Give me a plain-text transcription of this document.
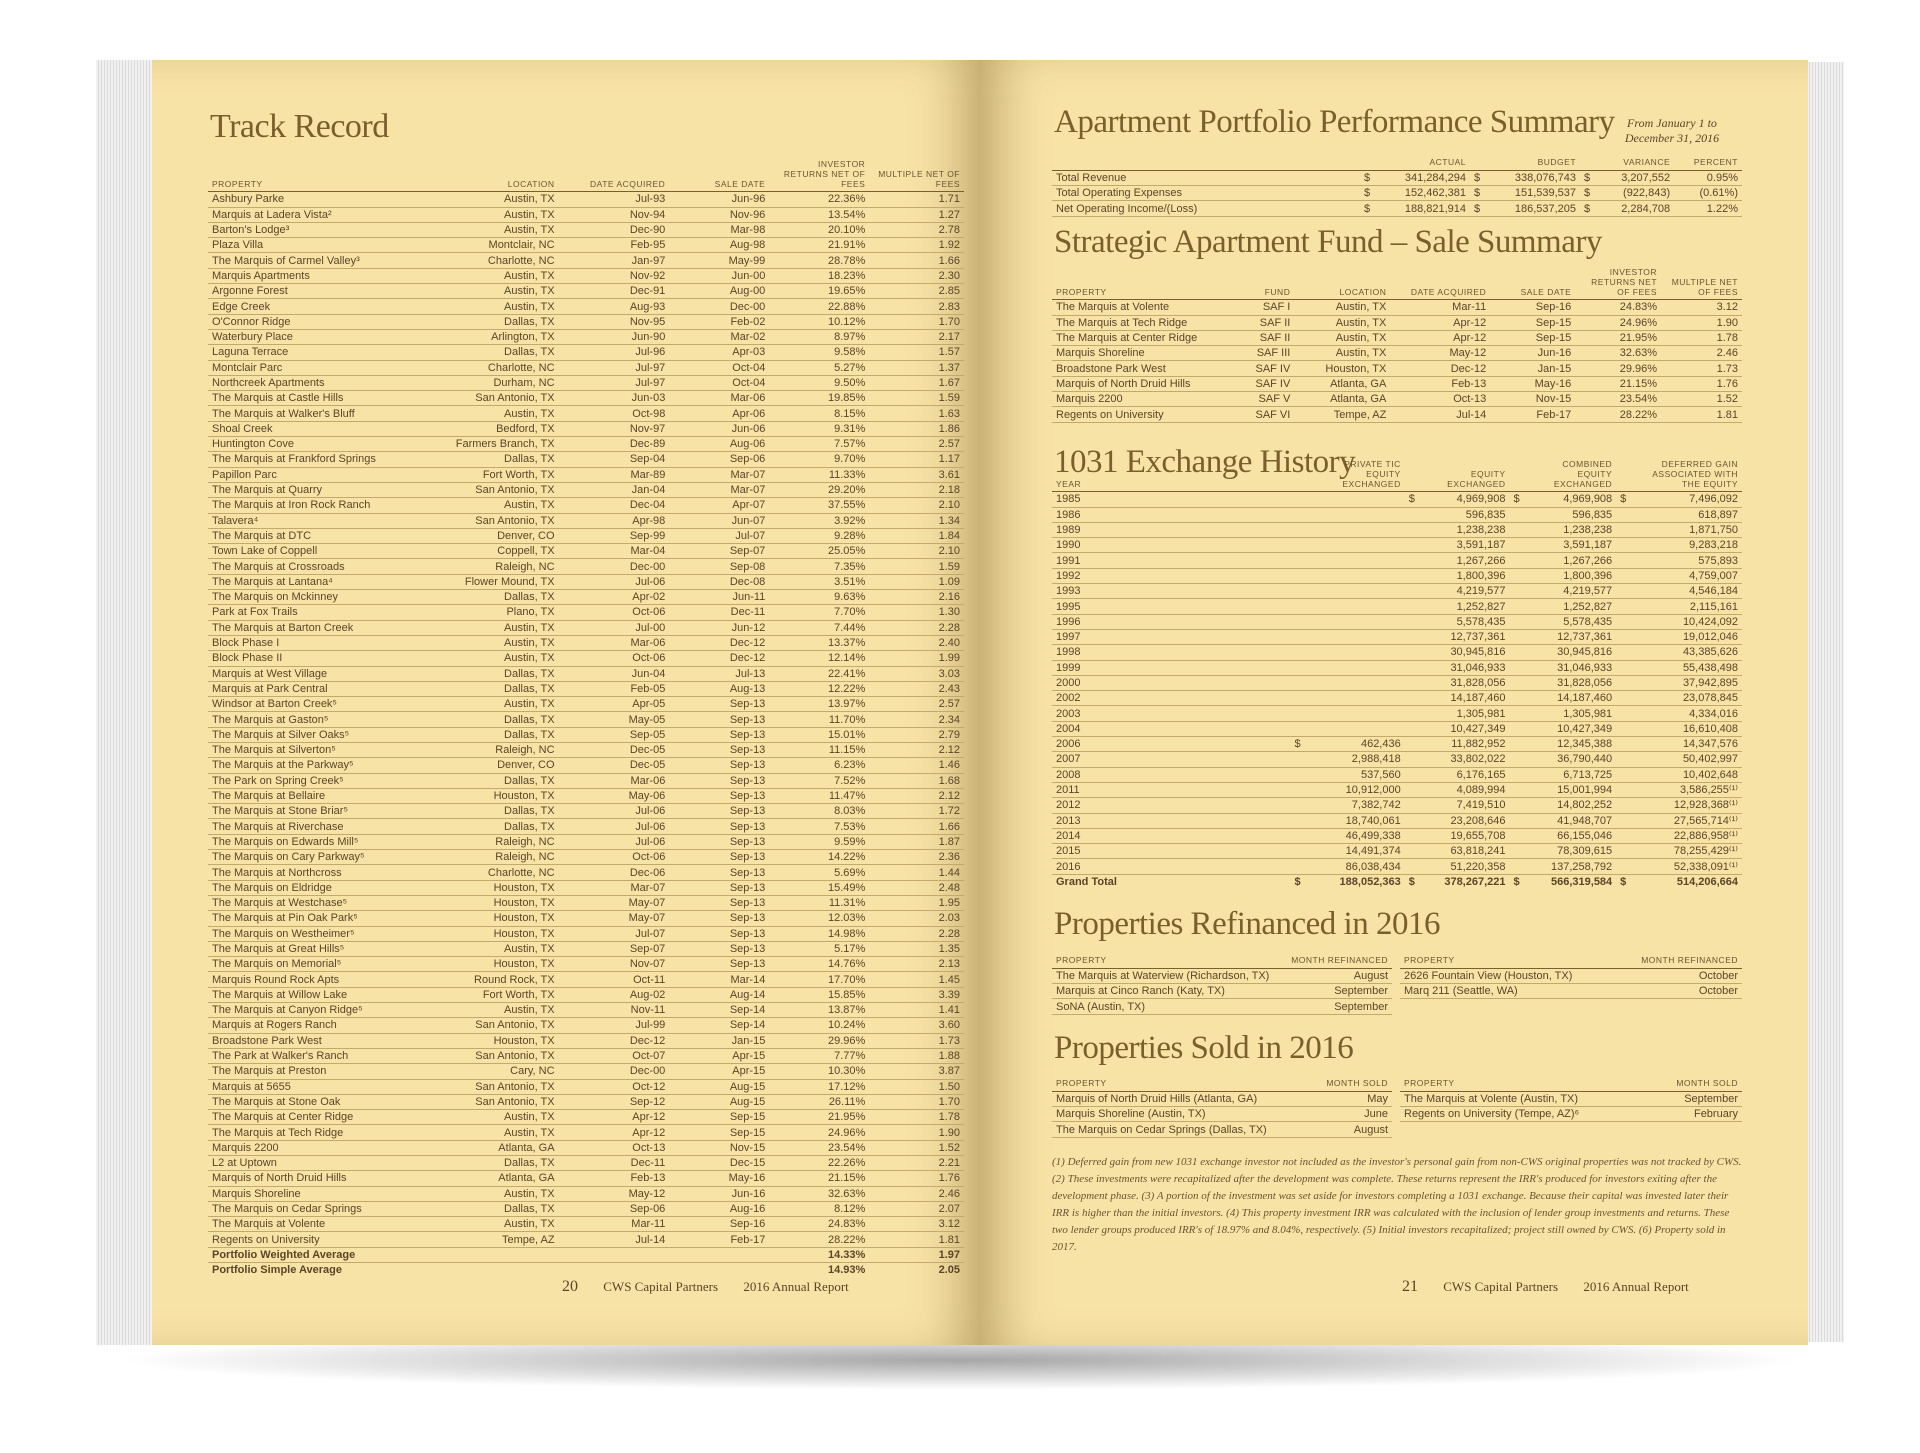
Track Record
PROPERTY	LOCATION	DATE ACQUIRED	SALE DATE	INVESTOR RETURNS NET OF FEES	MULTIPLE NET OF FEES
Ashbury Parke	Austin, TX	Jul-93	Jun-96	22.36%	1.71
Marquis at Ladera Vista²	Austin, TX	Nov-94	Nov-96	13.54%	1.27
Barton's Lodge³	Austin, TX	Dec-90	Mar-98	20.10%	2.78
Plaza Villa	Montclair, NC	Feb-95	Aug-98	21.91%	1.92
The Marquis of Carmel Valley³	Charlotte, NC	Jan-97	May-99	28.78%	1.66
Marquis Apartments	Austin, TX	Nov-92	Jun-00	18.23%	2.30
Argonne Forest	Austin, TX	Dec-91	Aug-00	19.65%	2.85
Edge Creek	Austin, TX	Aug-93	Dec-00	22.88%	2.83
O'Connor Ridge	Dallas, TX	Nov-95	Feb-02	10.12%	1.70
Waterbury Place	Arlington, TX	Jun-90	Mar-02	8.97%	2.17
Laguna Terrace	Dallas, TX	Jul-96	Apr-03	9.58%	1.57
Montclair Parc	Charlotte, NC	Jul-97	Oct-04	5.27%	1.37
Northcreek Apartments	Durham, NC	Jul-97	Oct-04	9.50%	1.67
The Marquis at Castle Hills	San Antonio, TX	Jun-03	Mar-06	19.85%	1.59
The Marquis at Walker's Bluff	Austin, TX	Oct-98	Apr-06	8.15%	1.63
Shoal Creek	Bedford, TX	Nov-97	Jun-06	9.31%	1.86
Huntington Cove	Farmers Branch, TX	Dec-89	Aug-06	7.57%	2.57
The Marquis at Frankford Springs	Dallas, TX	Sep-04	Sep-06	9.70%	1.17
Papillon Parc	Fort Worth, TX	Mar-89	Mar-07	11.33%	3.61
The Marquis at Quarry	San Antonio, TX	Jan-04	Mar-07	29.20%	2.18
The Marquis at Iron Rock Ranch	Austin, TX	Dec-04	Apr-07	37.55%	2.10
Talavera⁴	San Antonio, TX	Apr-98	Jun-07	3.92%	1.34
The Marquis at DTC	Denver, CO	Sep-99	Jul-07	9.28%	1.84
Town Lake of Coppell	Coppell, TX	Mar-04	Sep-07	25.05%	2.10
The Marquis at Crossroads	Raleigh, NC	Dec-00	Sep-08	7.35%	1.59
The Marquis at Lantana⁴	Flower Mound, TX	Jul-06	Dec-08	3.51%	1.09
The Marquis on Mckinney	Dallas, TX	Apr-02	Jun-11	9.63%	2.16
Park at Fox Trails	Plano, TX	Oct-06	Dec-11	7.70%	1.30
The Marquis at Barton Creek	Austin, TX	Jul-00	Jun-12	7.44%	2.28
Block Phase I	Austin, TX	Mar-06	Dec-12	13.37%	2.40
Block Phase II	Austin, TX	Oct-06	Dec-12	12.14%	1.99
Marquis at West Village	Dallas, TX	Jun-04	Jul-13	22.41%	3.03
Marquis at Park Central	Dallas, TX	Feb-05	Aug-13	12.22%	2.43
Windsor at Barton Creek⁵	Austin, TX	Apr-05	Sep-13	13.97%	2.57
The Marquis at Gaston⁵	Dallas, TX	May-05	Sep-13	11.70%	2.34
The Marquis at Silver Oaks⁵	Dallas, TX	Sep-05	Sep-13	15.01%	2.79
The Marquis at Silverton⁵	Raleigh, NC	Dec-05	Sep-13	11.15%	2.12
The Marquis at the Parkway⁵	Denver, CO	Dec-05	Sep-13	6.23%	1.46
The Park on Spring Creek⁵	Dallas, TX	Mar-06	Sep-13	7.52%	1.68
The Marquis at Bellaire	Houston, TX	May-06	Sep-13	11.47%	2.12
The Marquis at Stone Briar⁵	Dallas, TX	Jul-06	Sep-13	8.03%	1.72
The Marquis at Riverchase	Dallas, TX	Jul-06	Sep-13	7.53%	1.66
The Marquis on Edwards Mill⁵	Raleigh, NC	Jul-06	Sep-13	9.59%	1.87
The Marquis on Cary Parkway⁵	Raleigh, NC	Oct-06	Sep-13	14.22%	2.36
The Marquis at Northcross	Charlotte, NC	Dec-06	Sep-13	5.69%	1.44
The Marquis on Eldridge	Houston, TX	Mar-07	Sep-13	15.49%	2.48
The Marquis at Westchase⁵	Houston, TX	May-07	Sep-13	11.31%	1.95
The Marquis at Pin Oak Park⁵	Houston, TX	May-07	Sep-13	12.03%	2.03
The Marquis on Westheimer⁵	Houston, TX	Jul-07	Sep-13	14.98%	2.28
The Marquis at Great Hills⁵	Austin, TX	Sep-07	Sep-13	5.17%	1.35
The Marquis on Memorial⁵	Houston, TX	Nov-07	Sep-13	14.76%	2.13
Marquis Round Rock Apts	Round Rock, TX	Oct-11	Mar-14	17.70%	1.45
The Marquis at Willow Lake	Fort Worth, TX	Aug-02	Aug-14	15.85%	3.39
The Marquis at Canyon Ridge⁵	Austin, TX	Nov-11	Sep-14	13.87%	1.41
Marquis at Rogers Ranch	San Antonio, TX	Jul-99	Sep-14	10.24%	3.60
Broadstone Park West	Houston, TX	Dec-12	Jan-15	29.96%	1.73
The Park at Walker's Ranch	San Antonio, TX	Oct-07	Apr-15	7.77%	1.88
The Marquis at Preston	Cary, NC	Dec-00	Apr-15	10.30%	3.87
Marquis at 5655	San Antonio, TX	Oct-12	Aug-15	17.12%	1.50
The Marquis at Stone Oak	San Antonio, TX	Sep-12	Aug-15	26.11%	1.70
The Marquis at Center Ridge	Austin, TX	Apr-12	Sep-15	21.95%	1.78
The Marquis at Tech Ridge	Austin, TX	Apr-12	Sep-15	24.96%	1.90
Marquis 2200	Atlanta, GA	Oct-13	Nov-15	23.54%	1.52
L2 at Uptown	Dallas, TX	Dec-11	Dec-15	22.26%	2.21
Marquis of North Druid Hills	Atlanta, GA	Feb-13	May-16	21.15%	1.76
Marquis Shoreline	Austin, TX	May-12	Jun-16	32.63%	2.46
The Marquis on Cedar Springs	Dallas, TX	Sep-06	Aug-16	8.12%	2.07
The Marquis at Volente	Austin, TX	Mar-11	Sep-16	24.83%	3.12
Regents on University	Tempe, AZ	Jul-14	Feb-17	28.22%	1.81
Portfolio Weighted Average				14.33%	1.97
Portfolio Simple Average				14.93%	2.05
20 CWS Capital Partners 2016 Annual Report
Apartment Portfolio Performance Summary	From January 1 to
December 31, 2016
		ACTUAL		BUDGET		VARIANCE	PERCENT
Total Revenue	$	341,284,294	$	338,076,743	$	3,207,552	0.95%
Total Operating Expenses	$	152,462,381	$	151,539,537	$	(922,843)	(0.61%)
Net Operating Income/(Loss)	$	188,821,914	$	186,537,205	$	2,284,708	1.22%
Strategic Apartment Fund – Sale Summary
PROPERTY	FUND	LOCATION	DATE ACQUIRED	SALE DATE	INVESTOR RETURNS NET OF FEES	MULTIPLE NET OF FEES
The Marquis at Volente	SAF I	Austin, TX	Mar-11	Sep-16	24.83%	3.12
The Marquis at Tech Ridge	SAF II	Austin, TX	Apr-12	Sep-15	24.96%	1.90
The Marquis at Center Ridge	SAF II	Austin, TX	Apr-12	Sep-15	21.95%	1.78
Marquis Shoreline	SAF III	Austin, TX	May-12	Jun-16	32.63%	2.46
Broadstone Park West	SAF IV	Houston, TX	Dec-12	Jan-15	29.96%	1.73
Marquis of North Druid Hills	SAF IV	Atlanta, GA	Feb-13	May-16	21.15%	1.76
Marquis 2200	SAF V	Atlanta, GA	Oct-13	Nov-15	23.54%	1.52
Regents on University	SAF VI	Tempe, AZ	Jul-14	Feb-17	28.22%	1.81
1031 Exchange History
YEAR		PRIVATE TIC EQUITY EXCHANGED		EQUITY EXCHANGED		COMBINED EQUITY EXCHANGED		DEFERRED GAIN ASSOCIATED WITH THE EQUITY
1985			$	4,969,908	$	4,969,908	$	7,496,092
1986				596,835		596,835		618,897
1989				1,238,238		1,238,238		1,871,750
1990				3,591,187		3,591,187		9,283,218
1991				1,267,266		1,267,266		575,893
1992				1,800,396		1,800,396		4,759,007
1993				4,219,577		4,219,577		4,546,184
1995				1,252,827		1,252,827		2,115,161
1996				5,578,435		5,578,435		10,424,092
1997				12,737,361		12,737,361		19,012,046
1998				30,945,816		30,945,816		43,385,626
1999				31,046,933		31,046,933		55,438,498
2000				31,828,056		31,828,056		37,942,895
2002				14,187,460		14,187,460		23,078,845
2003				1,305,981		1,305,981		4,334,016
2004				10,427,349		10,427,349		16,610,408
2006	$	462,436		11,882,952		12,345,388		14,347,576
2007		2,988,418		33,802,022		36,790,440		50,402,997
2008		537,560		6,176,165		6,713,725		10,402,648
2011		10,912,000		4,089,994		15,001,994		3,586,255⁽¹⁾
2012		7,382,742		7,419,510		14,802,252		12,928,368⁽¹⁾
2013		18,740,061		23,208,646		41,948,707		27,565,714⁽¹⁾
2014		46,499,338		19,655,708		66,155,046		22,886,958⁽¹⁾
2015		14,491,374		63,818,241		78,309,615		78,255,429⁽¹⁾
2016		86,038,434		51,220,358		137,258,792		52,338,091⁽¹⁾
Grand Total	$	188,052,363	$	378,267,221	$	566,319,584	$	514,206,664
Properties Refinanced in 2016
PROPERTY	MONTH REFINANCED
The Marquis at Waterview (Richardson, TX)	August
Marquis at Cinco Ranch (Katy, TX)	September
SoNA (Austin, TX)	September
PROPERTY	MONTH REFINANCED
2626 Fountain View (Houston, TX)	October
Marq 211 (Seattle, WA)	October
Properties Sold in 2016
PROPERTY	MONTH SOLD
Marquis of North Druid Hills (Atlanta, GA)	May
Marquis Shoreline (Austin, TX)	June
The Marquis on Cedar Springs (Dallas, TX)	August
PROPERTY	MONTH SOLD
The Marquis at Volente (Austin, TX)	September
Regents on University (Tempe, AZ)⁶	February
(1) Deferred gain from new 1031 exchange investor not included as the investor's personal gain from non-CWS original properties was not tracked by CWS. (2) These investments were recapitalized after the development was complete. These returns represent the IRR's produced for investors exiting after the development phase. (3) A portion of the investment was set aside for investors completing a 1031 exchange. Because their capital was invested later their IRR is higher than the initial investors. (4) This property investment IRR was calculated with the inclusion of lender group investments and returns. These two lender groups produced IRR's of 18.97% and 8.04%, respectively. (5) Initial investors recapitalized; project still owned by CWS. (6) Property sold in 2017.
21 CWS Capital Partners 2016 Annual Report
